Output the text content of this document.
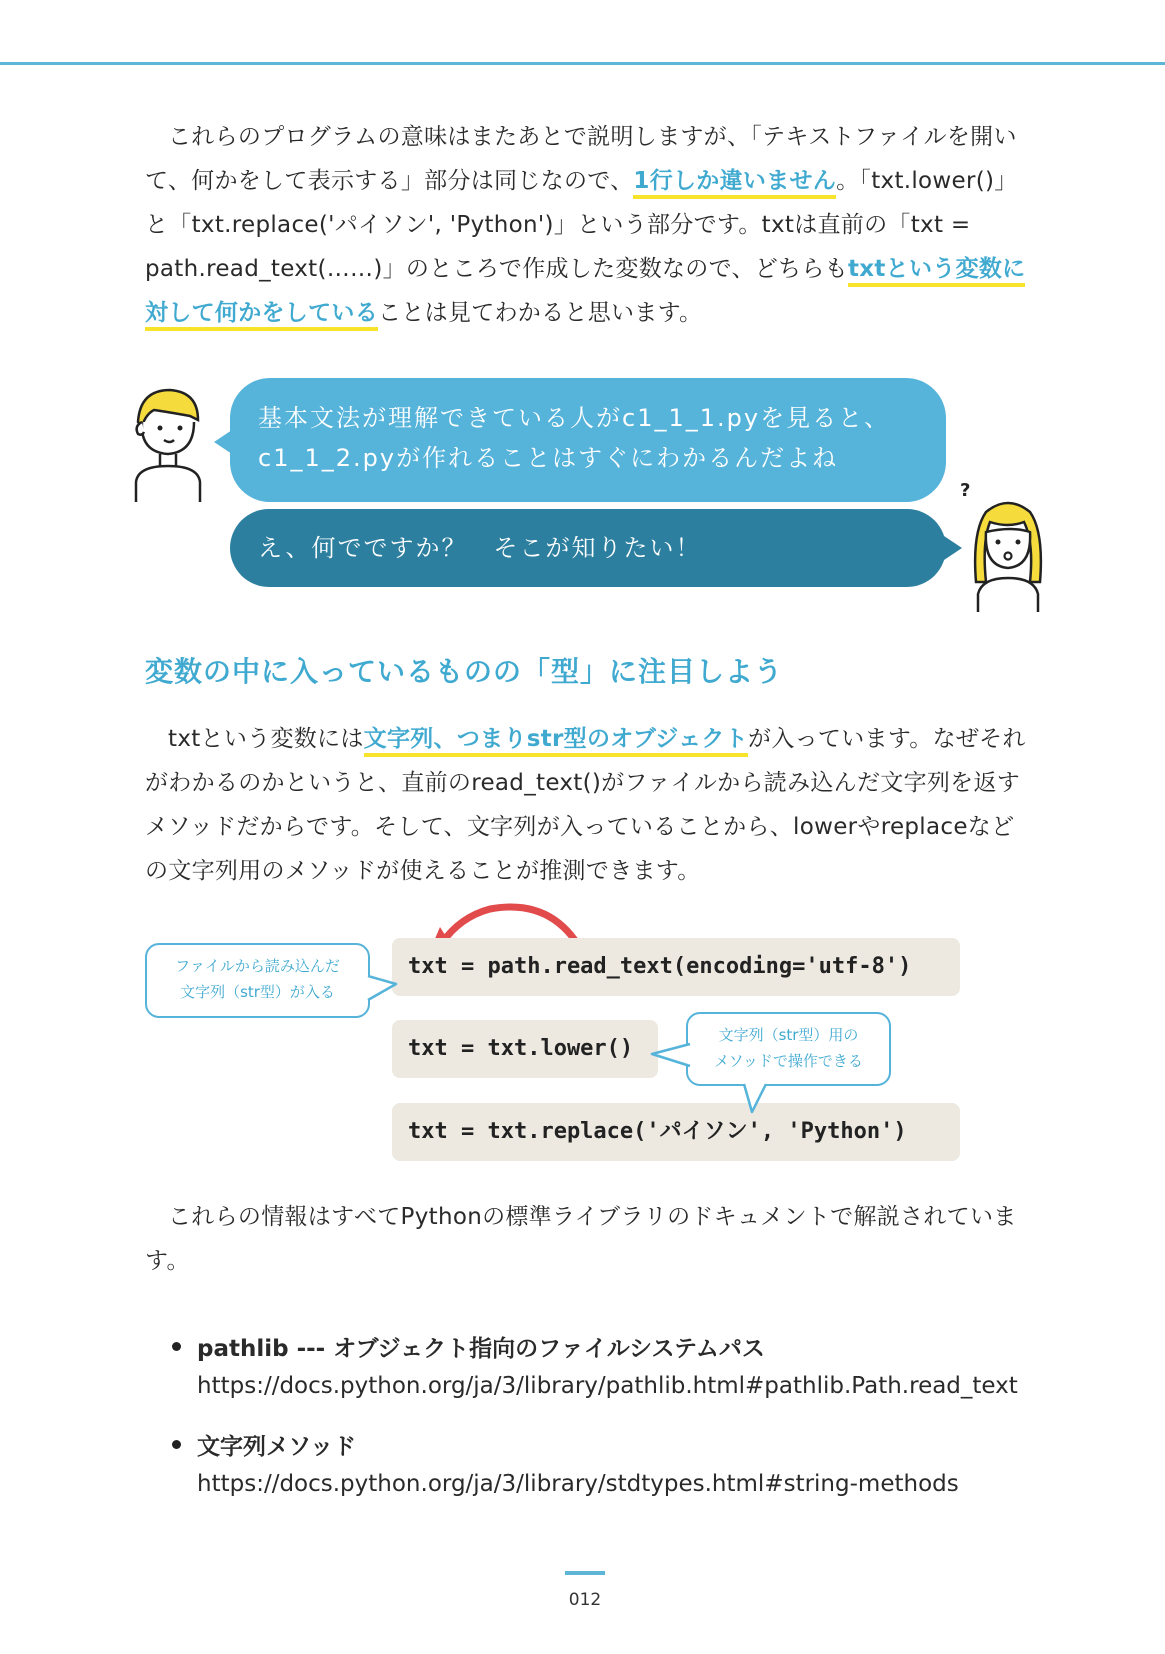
これらのプログラムの意味はまたあとで説明しますが、「テキストファイルを開いて、何かをして表示する」部分は同じなので、1行しか違いません。「txt.lower()」と「txt.replace('パイソン', 'Python')」という部分です。txtは直前の「txt = path.read_text(……)」のところで作成した変数なので、どちらもtxtという変数に対して何かをしていることは見てわかると思います。

基本文法が理解できている人がc1_1_1.pyを見ると、
c1_1_2.pyが作れることはすぐにわかるんだよね
え、何でですか？　そこが知りたい！
?
変数の中に入っているものの「型」に注目しよう

txtという変数には文字列、つまりstr型のオブジェクトが入っています。なぜそれがわかるのかというと、直前のread_text()がファイルから読み込んだ文字列を返すメソッドだからです。そして、文字列が入っていることから、lowerやreplaceなどの文字列用のメソッドが使えることが推測できます。

txt = path.read_text(encoding='utf-8')
txt = txt.lower()
txt = txt.replace('パイソン', 'Python')
ファイルから読み込んだ
文字列（str型）が入る
文字列（str型）用の
メソッドで操作できる

これらの情報はすべてPythonの標準ライブラリのドキュメントで解説されています。

pathlib --- オブジェクト指向のファイルシステムパス
https://docs.python.org/ja/3/library/pathlib.html#pathlib.Path.read_text
文字列メソッド
https://docs.python.org/ja/3/library/stdtypes.html#string-methods
012
